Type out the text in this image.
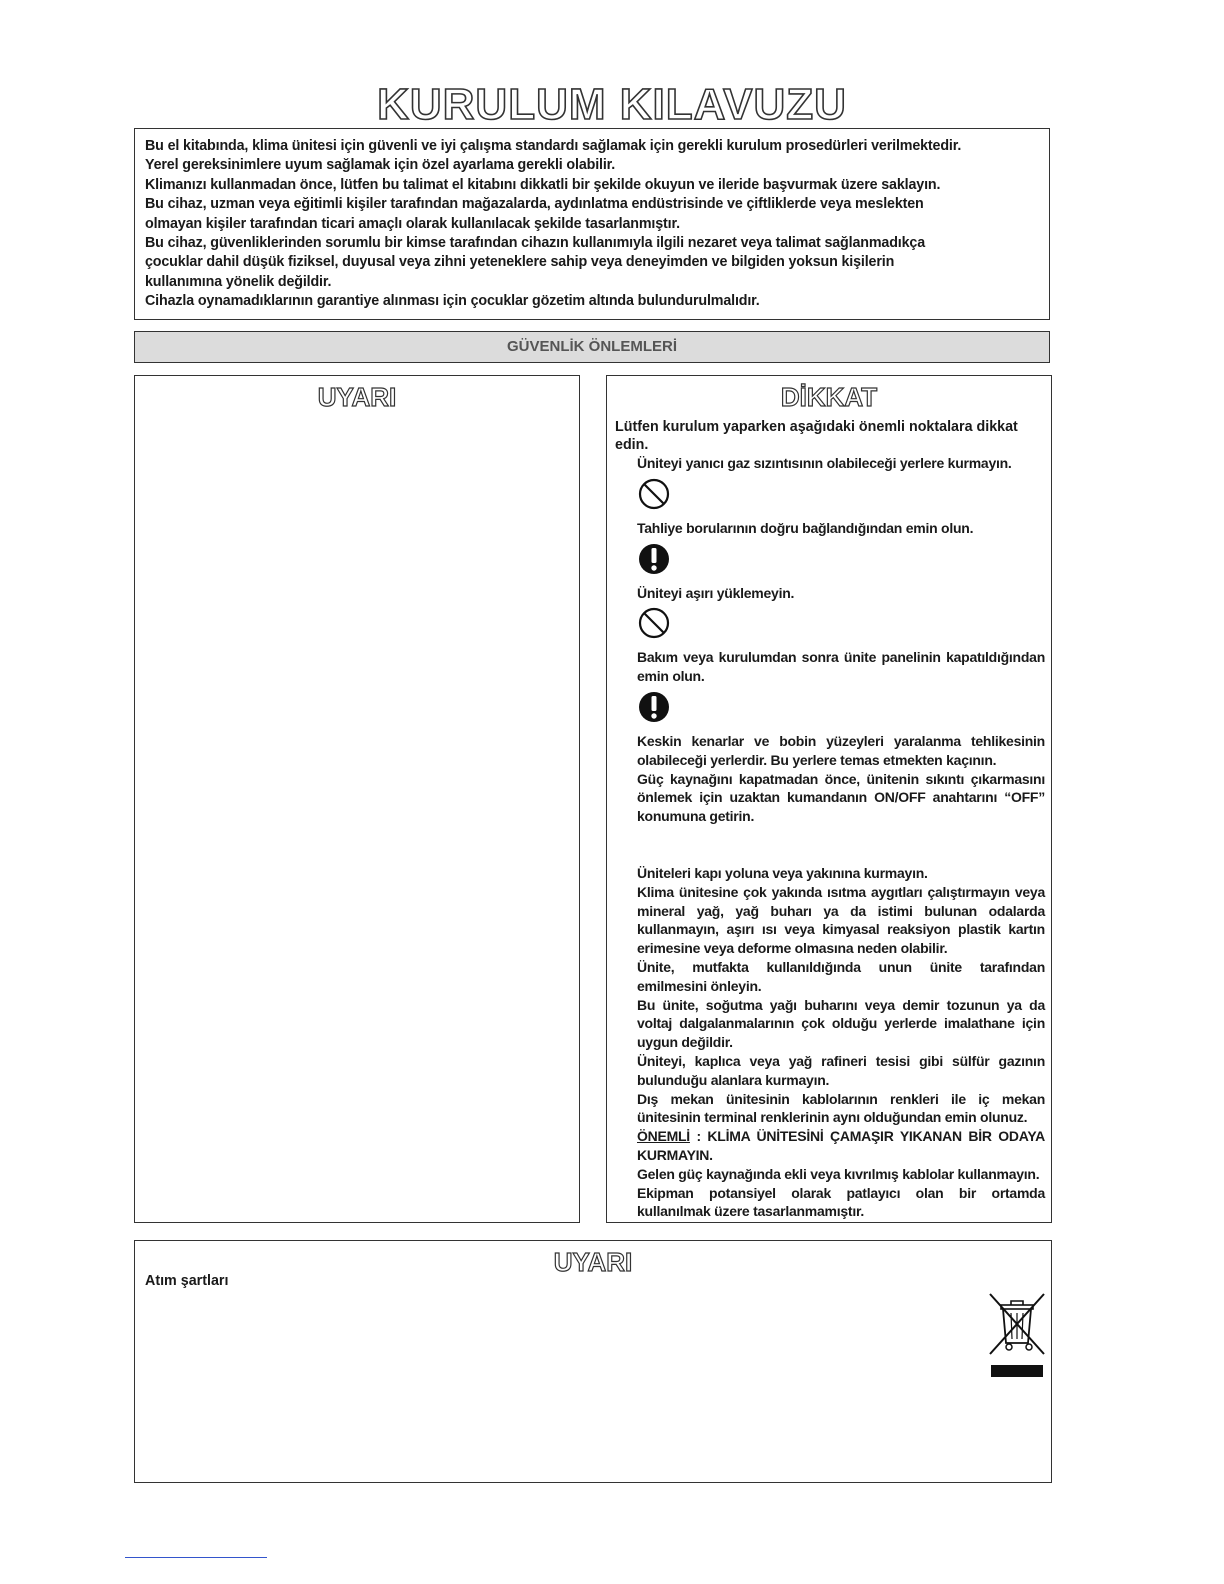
KURULUM KILAVUZU

Bu el kitabında, klima ünitesi için güvenli ve iyi çalışma standardı sağlamak için gerekli kurulum prosedürleri verilmektedir.

Yerel gereksinimlere uyum sağlamak için özel ayarlama gerekli olabilir.

Klimanızı kullanmadan önce, lütfen bu talimat el kitabını dikkatli bir şekilde okuyun ve ileride başvurmak üzere saklayın.

Bu cihaz, uzman veya eğitimli kişiler tarafından mağazalarda, aydınlatma endüstrisinde ve çiftliklerde veya meslekten

olmayan kişiler tarafından ticari amaçlı olarak kullanılacak şekilde tasarlanmıştır.

Bu cihaz, güvenliklerinden sorumlu bir kimse tarafından cihazın kullanımıyla ilgili nezaret veya talimat sağlanmadıkça

çocuklar dahil düşük fiziksel, duyusal veya zihni yeteneklere sahip veya deneyimden ve bilgiden yoksun kişilerin

kullanımına yönelik değildir.

Cihazla oynamadıklarının garantiye alınması için çocuklar gözetim altında bulundurulmalıdır.

GÜVENLİK ÖNLEMLERİ
UYARI	DİKKAT
Lütfen kurulum yaparken aşağıdaki önemli noktalara dikkat edin.
Üniteyi yanıcı gaz sızıntısının olabileceği yerlere kurmayın.
Tahliye borularının doğru bağlandığından emin olun.
Üniteyi aşırı yüklemeyin.
Bakım veya kurulumdan sonra ünite panelinin kapatıldığından emin olun.
Keskin kenarlar ve bobin yüzeyleri yaralanma tehlikesinin olabileceği yerlerdir. Bu yerlere temas etmekten kaçının.
Güç kaynağını kapatmadan önce, ünitenin sıkıntı çıkarmasını önlemek için uzaktan kumandanın ON/OFF anahtarını “OFF” konumuna getirin.
Üniteleri kapı yoluna veya yakınına kurmayın.
Klima ünitesine çok yakında ısıtma aygıtları çalıştırmayın veya mineral yağ, yağ buharı ya da istimi bulunan odalarda kullanmayın, aşırı ısı veya kimyasal reaksiyon plastik kartın erimesine veya deforme olmasına neden olabilir.
Ünite, mutfakta kullanıldığında unun ünite tarafından emilmesini önleyin.
Bu ünite, soğutma yağı buharını veya demir tozunun ya da voltaj dalgalanmalarının çok olduğu yerlerde imalathane için uygun değildir.
Üniteyi, kaplıca veya yağ rafineri tesisi gibi sülfür gazının bulunduğu alanlara kurmayın.
Dış mekan ünitesinin kablolarının renkleri ile iç mekan ünitesinin terminal renklerinin aynı olduğundan emin olunuz.
ÖNEMLİ : KLİMA ÜNİTESİNİ ÇAMAŞIR YIKANAN BİR ODAYA KURMAYIN.
Gelen güç kaynağında ekli veya kıvrılmış kablolar kullanmayın.
Ekipman potansiyel olarak patlayıcı olan bir ortamda kullanılmak üzere tasarlanmamıştır.
UYARI
Atım şartları
